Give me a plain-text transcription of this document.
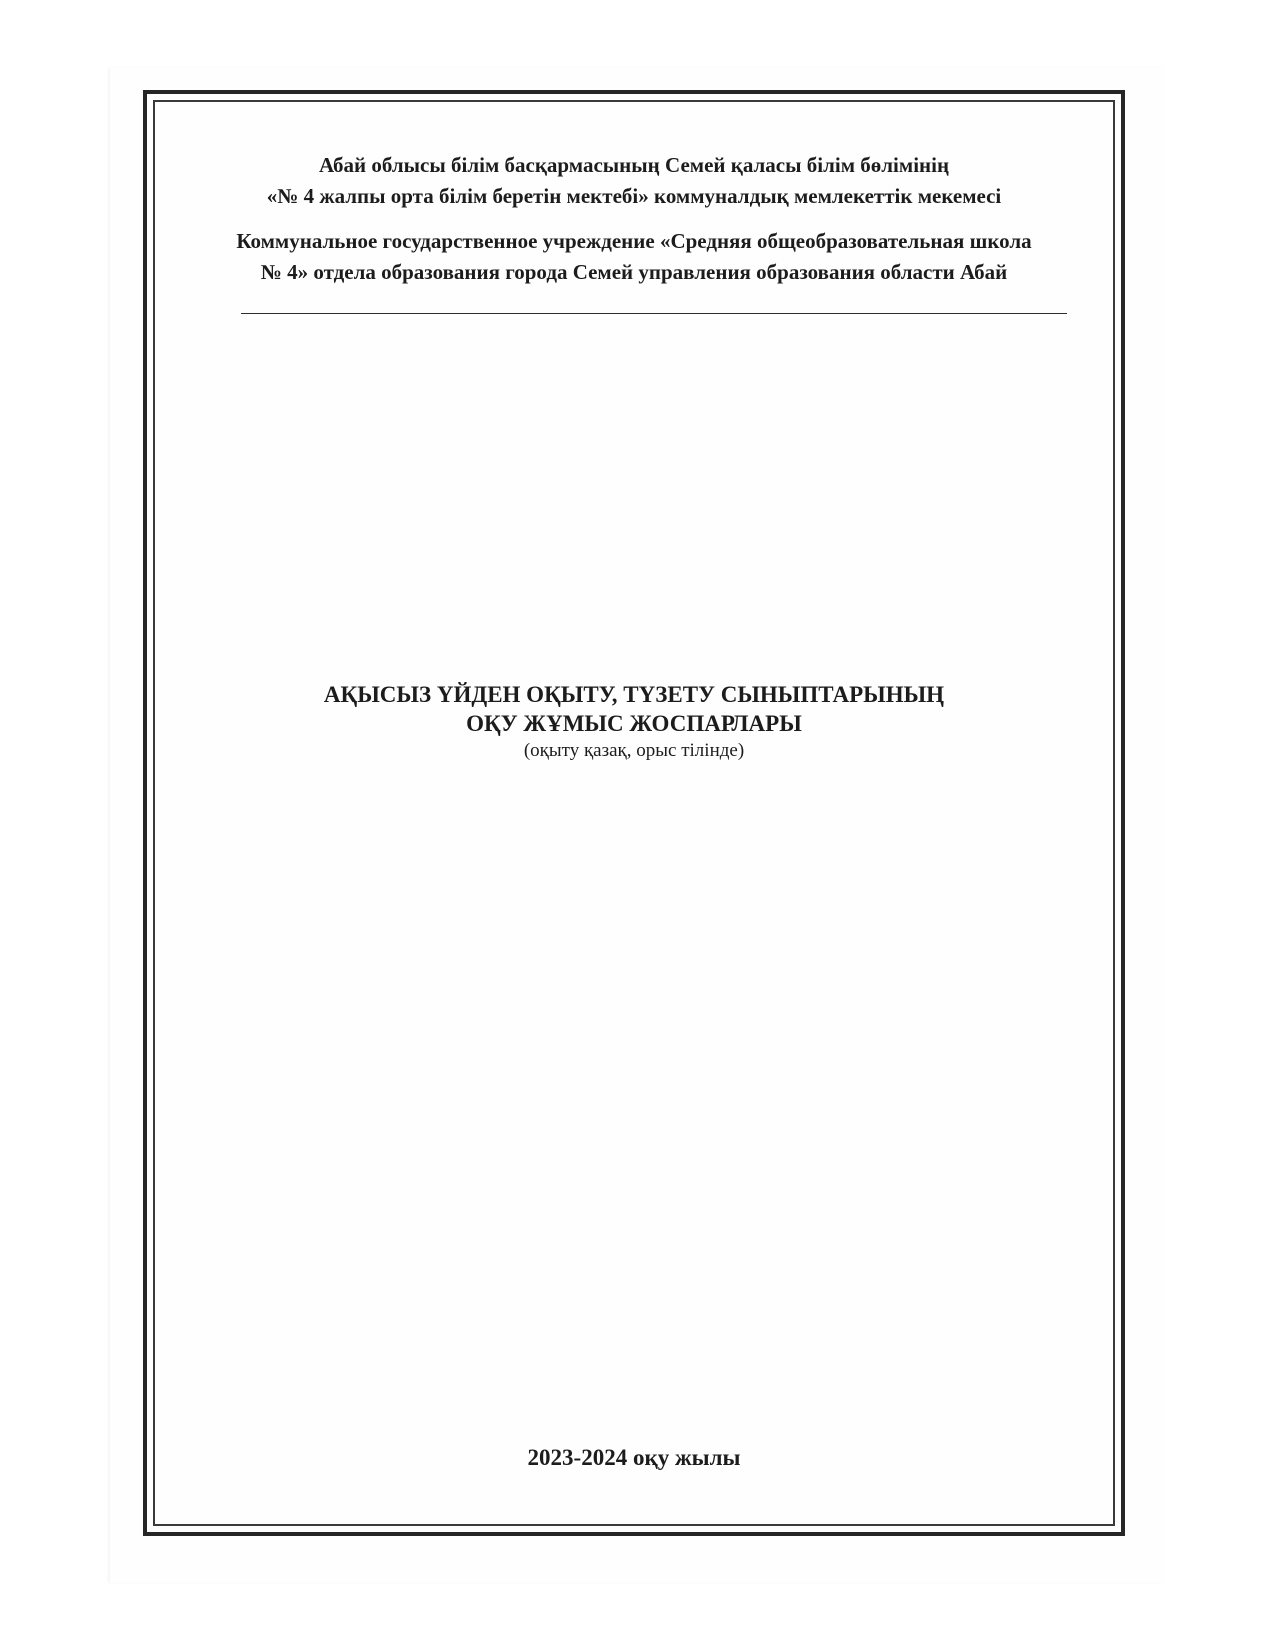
Абай облысы білім басқармасының Семей қаласы білім бөлімінің
«№ 4 жалпы орта білім беретін мектебі» коммуналдық мемлекеттік мекемесі
Коммунальное государственное учреждение «Средняя общеобразовательная школа
№ 4» отдела образования города Семей управления образования области Абай
АҚЫСЫЗ ҮЙДЕН ОҚЫТУ, ТҮЗЕТУ СЫНЫПТАРЫНЫҢ
ОҚУ ЖҰМЫС ЖОСПАРЛАРЫ
(оқыту қазақ, орыс тілінде)
2023-2024 оқу жылы
